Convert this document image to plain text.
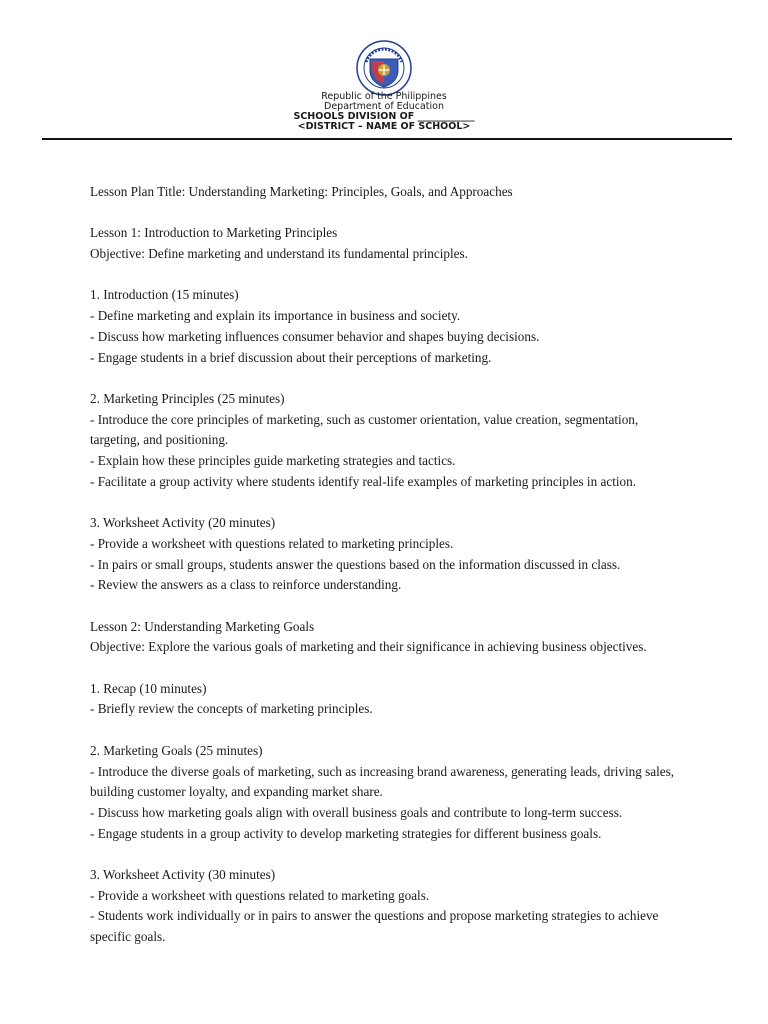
Republic of the Philippines
Department of Education
SCHOOLS DIVISION OF ____________
<DISTRICT – NAME OF SCHOOL>

Lesson Plan Title: Understanding Marketing: Principles, Goals, and Approaches

Lesson 1: Introduction to Marketing Principles

Objective: Define marketing and understand its fundamental principles.

1. Introduction (15 minutes)

- Define marketing and explain its importance in business and society.

- Discuss how marketing influences consumer behavior and shapes buying decisions.

- Engage students in a brief discussion about their perceptions of marketing.

2. Marketing Principles (25 minutes)

- Introduce the core principles of marketing, such as customer orientation, value creation, segmentation, targeting, and positioning.

- Explain how these principles guide marketing strategies and tactics.

- Facilitate a group activity where students identify real-life examples of marketing principles in action.

3. Worksheet Activity (20 minutes)

- Provide a worksheet with questions related to marketing principles.

- In pairs or small groups, students answer the questions based on the information discussed in class.

- Review the answers as a class to reinforce understanding.

Lesson 2: Understanding Marketing Goals

Objective: Explore the various goals of marketing and their significance in achieving business objectives.

1. Recap (10 minutes)

- Briefly review the concepts of marketing principles.

2. Marketing Goals (25 minutes)

- Introduce the diverse goals of marketing, such as increasing brand awareness, generating leads, driving sales, building customer loyalty, and expanding market share.

- Discuss how marketing goals align with overall business goals and contribute to long-term success.

- Engage students in a group activity to develop marketing strategies for different business goals.

3. Worksheet Activity (30 minutes)

- Provide a worksheet with questions related to marketing goals.

- Students work individually or in pairs to answer the questions and propose marketing strategies to achieve specific goals.
